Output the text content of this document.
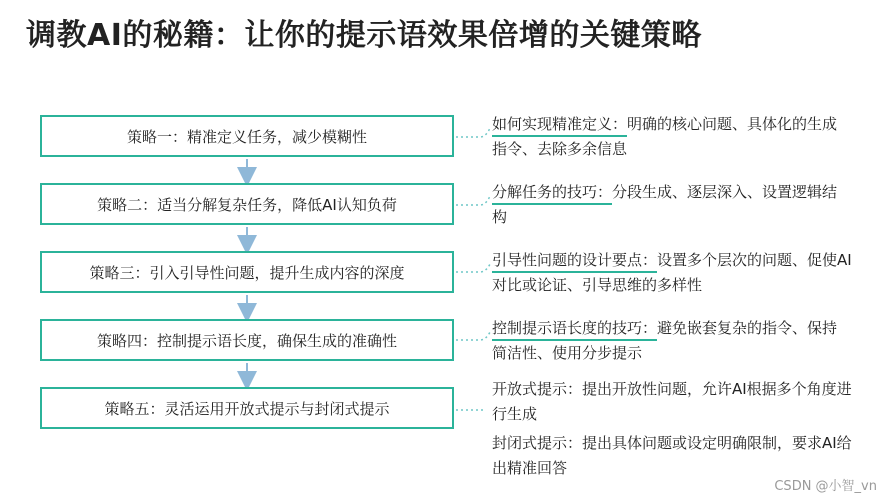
调教AI的秘籍：让你的提示语效果倍增的关键策略
策略一：精准定义任务，减少模糊性
策略二：适当分解复杂任务，降低AI认知负荷
策略三：引入引导性问题，提升生成内容的深度
策略四：控制提示语长度，确保生成的准确性
策略五：灵活运用开放式提示与封闭式提示
如何实现精准定义：明确的核心问题、具体化的生成指令、去除多余信息
分解任务的技巧：分段生成、逐层深入、设置逻辑结构
引导性问题的设计要点：设置多个层次的问题、促使AI对比或论证、引导思维的多样性
控制提示语长度的技巧：避免嵌套复杂的指令、保持简洁性、使用分步提示
开放式提示：提出开放性问题，允许AI根据多个角度进行生成
封闭式提示：提出具体问题或设定明确限制，要求AI给出精准回答
CSDN @小智_vn
